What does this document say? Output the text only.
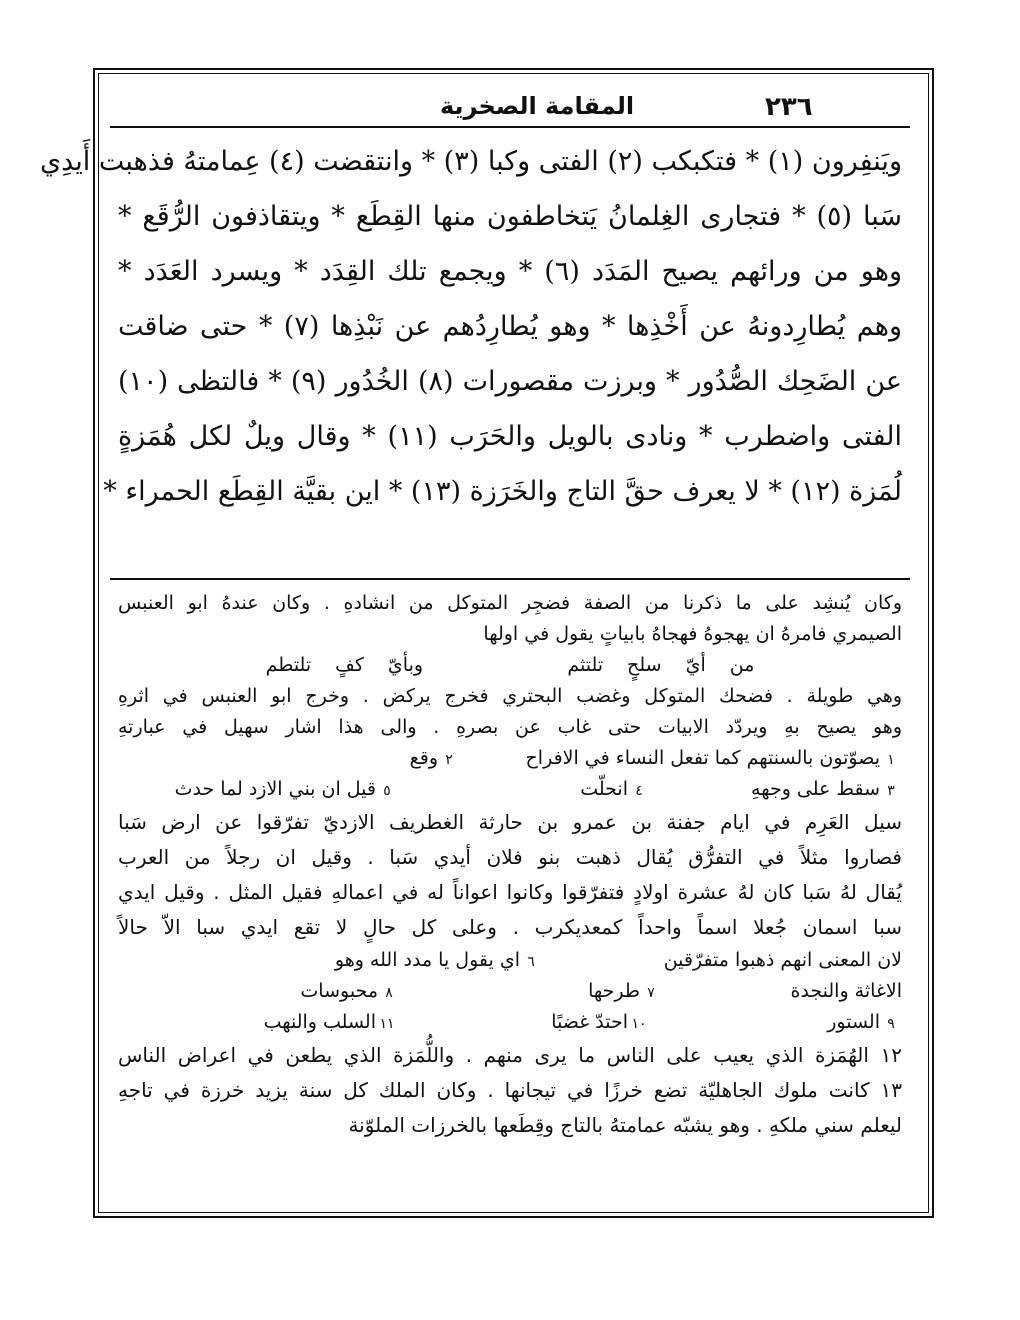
٢٣٦
المقامة الصخرية
ويَنفِرون (١) * فتكبكب (٢) الفتى وكبا (٣) * وانتقضت (٤) عِمامتهُ فذهبت أَيدِي
سَبا (٥) * فتجارى الغِلمانُ يَتخاطفون منها القِطَع * ويتقاذفون الرُّقَع *
وهو من ورائهم يصيح المَدَد (٦) * ويجمع تلك القِدَد * ويسرد العَدَد *
وهم يُطارِدونهُ عن أَخْذِها * وهو يُطارِدُهم عن نَبْذِها (٧) * حتى ضاقت
عن الضَحِك الصُّدُور * وبرزت مقصورات (٨) الخُدُور (٩) * فالتظى (١٠)
الفتى واضطرب * ونادى بالويل والحَرَب (١١) * وقال ويلٌ لكل هُمَزةٍ
لُمَزة (١٢) * لا يعرف حقَّ التاج والخَرَزة (١٣) * اين بقيَّة القِطَع الحمراء *
وكان يُنشِد على ما ذكرنا من الصفة فضجِر المتوكل من انشادهِ . وكان عندهُ ابو العنبس
الصيمري فامرهُ ان يهجوهُ فهجاهُ بابياتٍ يقول في اولها
من أيّ سلحٍ تلتثم      وبأيّ كفٍ تلتطم
وهي طويلة . فضحك المتوكل وغضب البحتري فخرج يركض . وخرج ابو العنبس في اثرهِ
وهو يصيح بهِ ويردّد الابيات حتى غاب عن بصرهِ . والى هذا اشار سهيل في عبارتهِ
١
يصوّتون بالسنتهم كما تفعل النساء في الافراح
٢
وقع
٣
سقط على وجههِ
٤
انحلّت
٥
قيل ان بني الازد لما حدث
سيل العَرِم في ايام جفنة بن عمرو بن حارثة الغطريف الازديّ تفرّقوا عن ارض سَبا
فصاروا مثلاً في التفرُّق يُقال ذهبت بنو فلان أيدي سَبا . وقيل ان رجلاً من العرب
يُقال لهُ سَبا كان لهُ عشرة اولادٍ فتفرّقوا وكانوا اعواناً له في اعمالهِ فقيل المثل . وقيل ايدي
سبا اسمان جُعلا اسماً واحداً كمعديكرب . وعلى كل حالٍ لا تقع ايدي سبا الاّ حالاً
لان المعنى انهم ذهبوا متفرّقين
٦
اي يقول يا مدد الله وهو
الاغاثة والنجدة
٧
طرحها
٨
محبوسات
٩
الستور
١٠
احتدّ غضبًا
١١
السلب والنهب
١٢ الهُمَزة الذي يعيب على الناس ما يرى منهم . واللُّمَزة الذي يطعن في اعراض الناس
١٣ كانت ملوك الجاهليّة تضع خرزًا في تيجانها . وكان الملك كل سنة يزيد خرزة في تاجهِ
ليعلم سني ملكهِ . وهو يشبّه عمامتهُ بالتاج وقِطَعها بالخرزات الملوّنة
